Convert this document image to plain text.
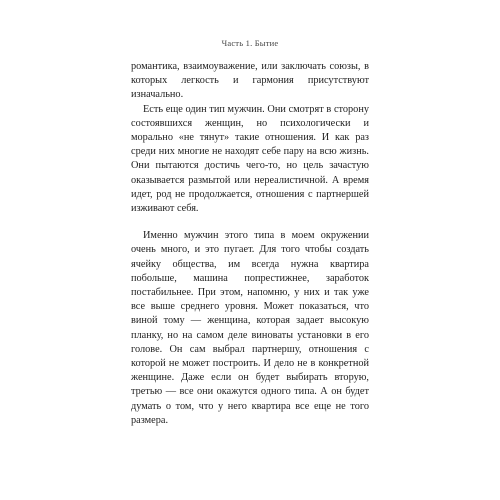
Часть 1. Бытие

романтика, взаимоуважение, или заключать союзы, в которых легкость и гармония присутствуют изначально.

Есть еще один тип мужчин. Они смотрят в сторону состоявшихся женщин, но психологически и морально «не тянут» такие отношения. И как раз среди них многие не находят себе пару на всю жизнь. Они пытаются достичь чего-то, но цель зачастую оказывается размытой или нереалистичной. А время идет, род не продолжается, отношения с партнершей изживают себя.

Именно мужчин этого типа в моем окружении очень много, и это пугает. Для того чтобы создать ячейку общества, им всегда нужна квартира побольше, машина попрестижнее, заработок постабильнее. При этом, напомню, у них и так уже все выше среднего уровня. Может показаться, что виной тому — женщина, которая задает высокую планку, но на самом деле виноваты установки в его голове. Он сам выбрал партнершу, отношения с которой не может построить. И дело не в конкретной женщине. Даже если он будет выбирать вторую, третью — все они окажутся одного типа. А он будет думать о том, что у него квартира все еще не того размера.
